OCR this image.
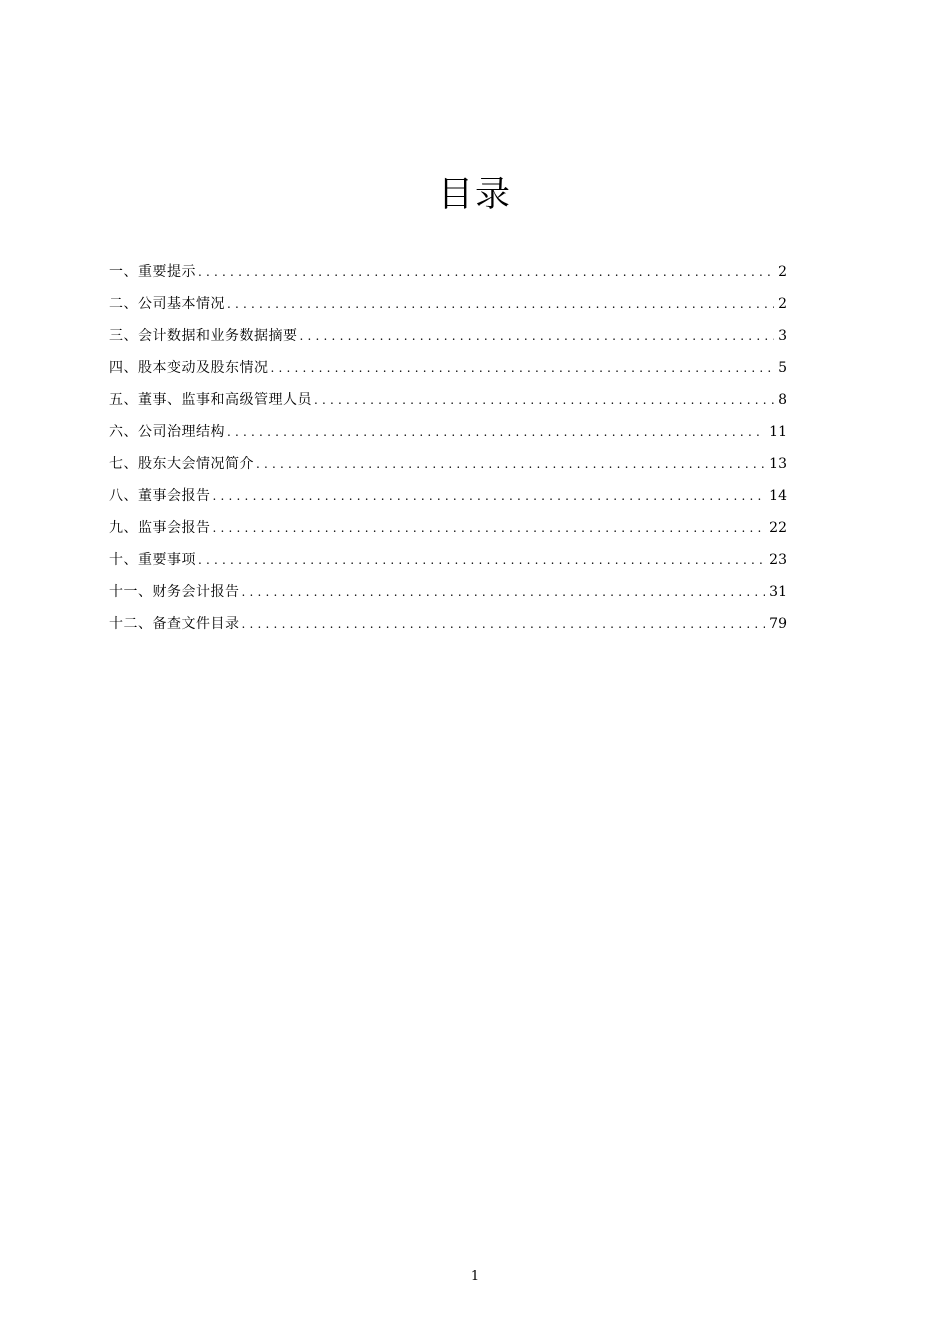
目录
一、重要提示 .....	2
二、公司基本情况 .....	2
三、会计数据和业务数据摘要 .....	3
四、股本变动及股东情况 .....	5
五、董事、监事和高级管理人员 .....	8
六、公司治理结构 .....	11
七、股东大会情况简介 .....	13
八、董事会报告 .....	14
九、监事会报告 .....	22
十、重要事项 .....	23
十一、财务会计报告 .....	31
十二、备查文件目录 .....	79
1
